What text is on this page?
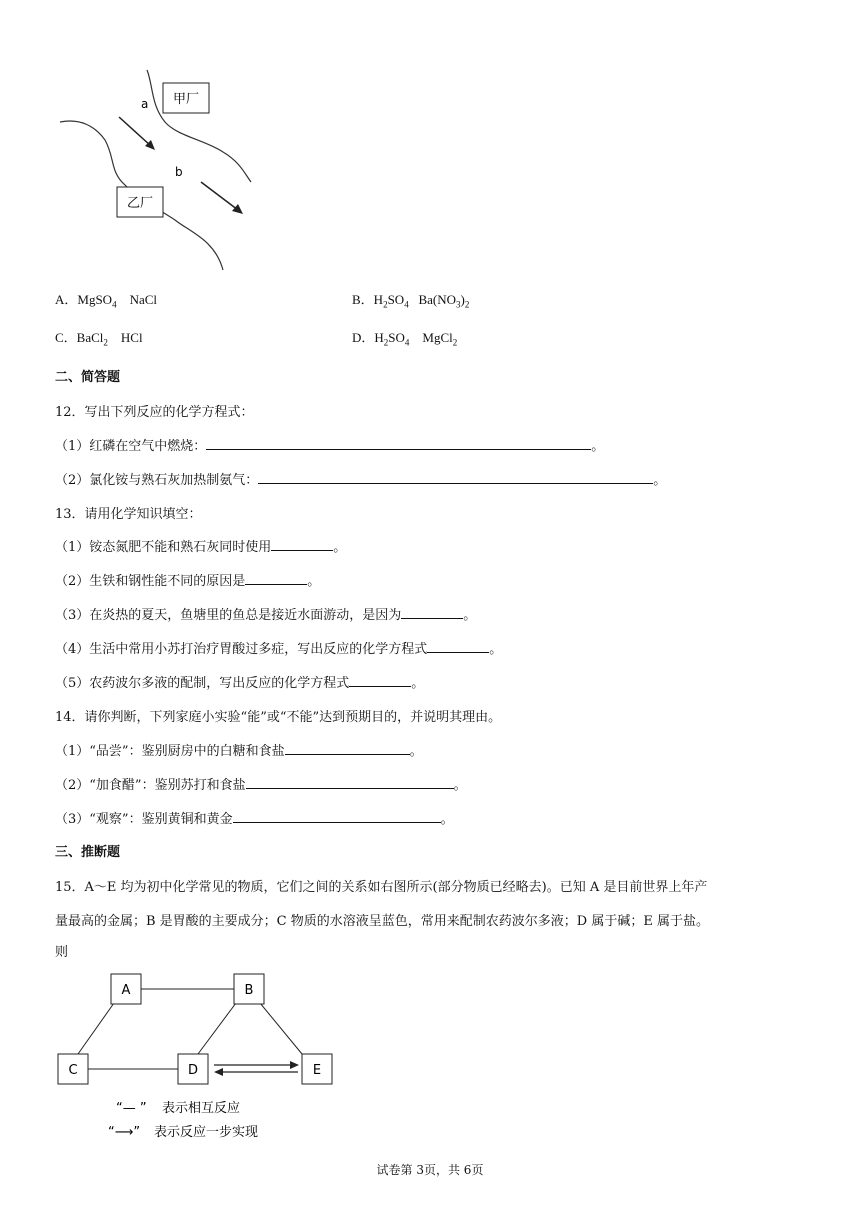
甲厂
乙厂
a
b
A．MgSO$_4$ NaCl	B．$H_2SO_4$ $Ba(NO_3)_2$
C．BaCl$_2$ HCl	D．$H_2SO_4$ MgCl$_2$
二、简答题
12．写出下列反应的化学方程式：
（1）红磷在空气中燃烧：	。
（2）氯化铵与熟石灰加热制氨气：	。
13．请用化学知识填空：
（1）铵态氮肥不能和熟石灰同时使用	。
（2）生铁和钢性能不同的原因是	。
（3）在炎热的夏天，鱼塘里的鱼总是接近水面游动，是因为	。
（4）生活中常用小苏打治疗胃酸过多症，写出反应的化学方程式	。
（5）农药波尔多液的配制，写出反应的化学方程式	。
14．请你判断，下列家庭小实验“能”或“不能”达到预期目的，并说明其理由。
（1）“品尝”：鉴别厨房中的白糖和食盐	。
（2）“加食醋”：鉴别苏打和食盐	。
（3）“观察”：鉴别黄铜和黄金	。
三、推断题
15．A～E 均为初中化学常见的物质，它们之间的关系如右图所示(部分物质已经略去)。已知 A 是目前世界上年产
量最高的金属；B 是胃酸的主要成分；C 物质的水溶液呈蓝色，常用来配制农药波尔多液；D 属于碱；E 属于盐。
则
A	B
C	D	E
“— ” 表示相互反应
“⟶” 表示反应一步实现
试卷第 3页，共 6页
